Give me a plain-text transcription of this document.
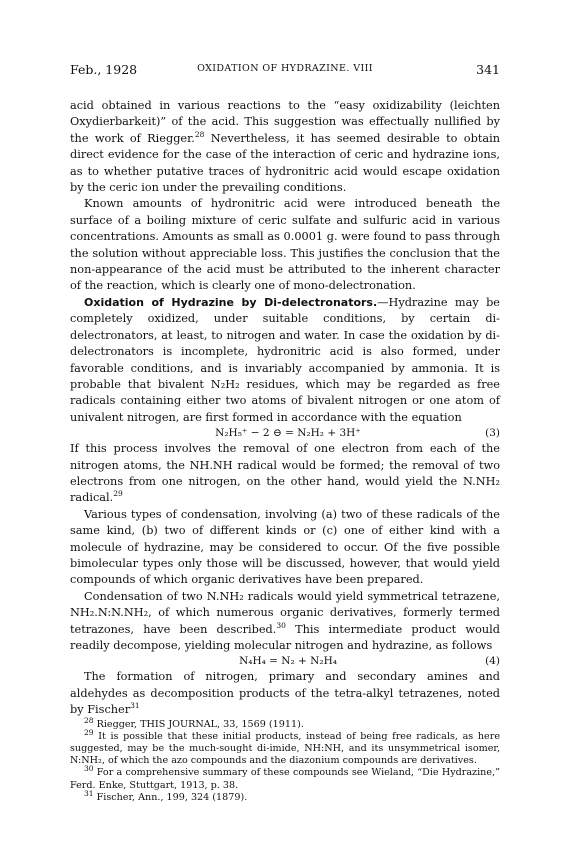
Feb., 1928	OXIDATION OF HYDRAZINE. VIII	341

acid obtained in various reactions to the “easy oxidizability (leichten Oxydierbarkeit)” of the acid. This suggestion was effectually nullified by the work of Riegger.$^{28}$ Nevertheless, it has seemed desirable to obtain direct evidence for the case of the interaction of ceric and hydrazine ions, as to whether putative traces of hydronitric acid would escape oxidation by the ceric ion under the prevailing conditions.

Known amounts of hydronitric acid were introduced beneath the surface of a boiling mixture of ceric sulfate and sulfuric acid in various concentrations. Amounts as small as 0.0001 g. were found to pass through the solution without appreciable loss. This justifies the conclusion that the non-appearance of the acid must be attributed to the inherent character of the reaction, which is clearly one of mono-delectronation.

Oxidation of Hydrazine by Di-delectronators.—Hydrazine may be completely oxidized, under suitable conditions, by certain di-delectronators, at least, to nitrogen and water. In case the oxidation by di-delectronators is incomplete, hydronitric acid is also formed, under favorable conditions, and is invariably accompanied by ammonia. It is probable that bivalent N₂H₂ residues, which may be regarded as free radicals containing either two atoms of bivalent nitrogen or one atom of univalent nitrogen, are first formed in accordance with the equation

N₂H₅⁺ − 2 ⊖ = N₂H₂ + 3H⁺	(3)

If this process involves the removal of one electron from each of the nitrogen atoms, the NH.NH radical would be formed; the removal of two electrons from one nitrogen, on the other hand, would yield the N.NH₂ radical.$^{29}$

Various types of condensation, involving (a) two of these radicals of the same kind, (b) two of different kinds or (c) one of either kind with a molecule of hydrazine, may be considered to occur. Of the five possible bimolecular types only those will be discussed, however, that would yield compounds of which organic derivatives have been prepared.

Condensation of two N.NH₂ radicals would yield symmetrical tetrazene, NH₂.N:N.NH₂, of which numerous organic derivatives, formerly termed tetrazones, have been described.$^{30}$ This intermediate product would readily decompose, yielding molecular nitrogen and hydrazine, as follows

N₄H₄ = N₂ + N₂H₄	(4)

The formation of nitrogen, primary and secondary amines and aldehydes as decomposition products of the tetra-alkyl tetrazenes, noted by Fischer$^{31}$

$^{28}$ Riegger, THIS JOURNAL, 33, 1569 (1911).

$^{29}$ It is possible that these initial products, instead of being free radicals, as here suggested, may be the much-sought di-imide, NH:NH, and its unsymmetrical isomer, N:NH₂, of which the azo compounds and the diazonium compounds are derivatives.

$^{30}$ For a comprehensive summary of these compounds see Wieland, “Die Hydrazine,” Ferd. Enke, Stuttgart, 1913, p. 38.

$^{31}$ Fischer, Ann., 199, 324 (1879).
